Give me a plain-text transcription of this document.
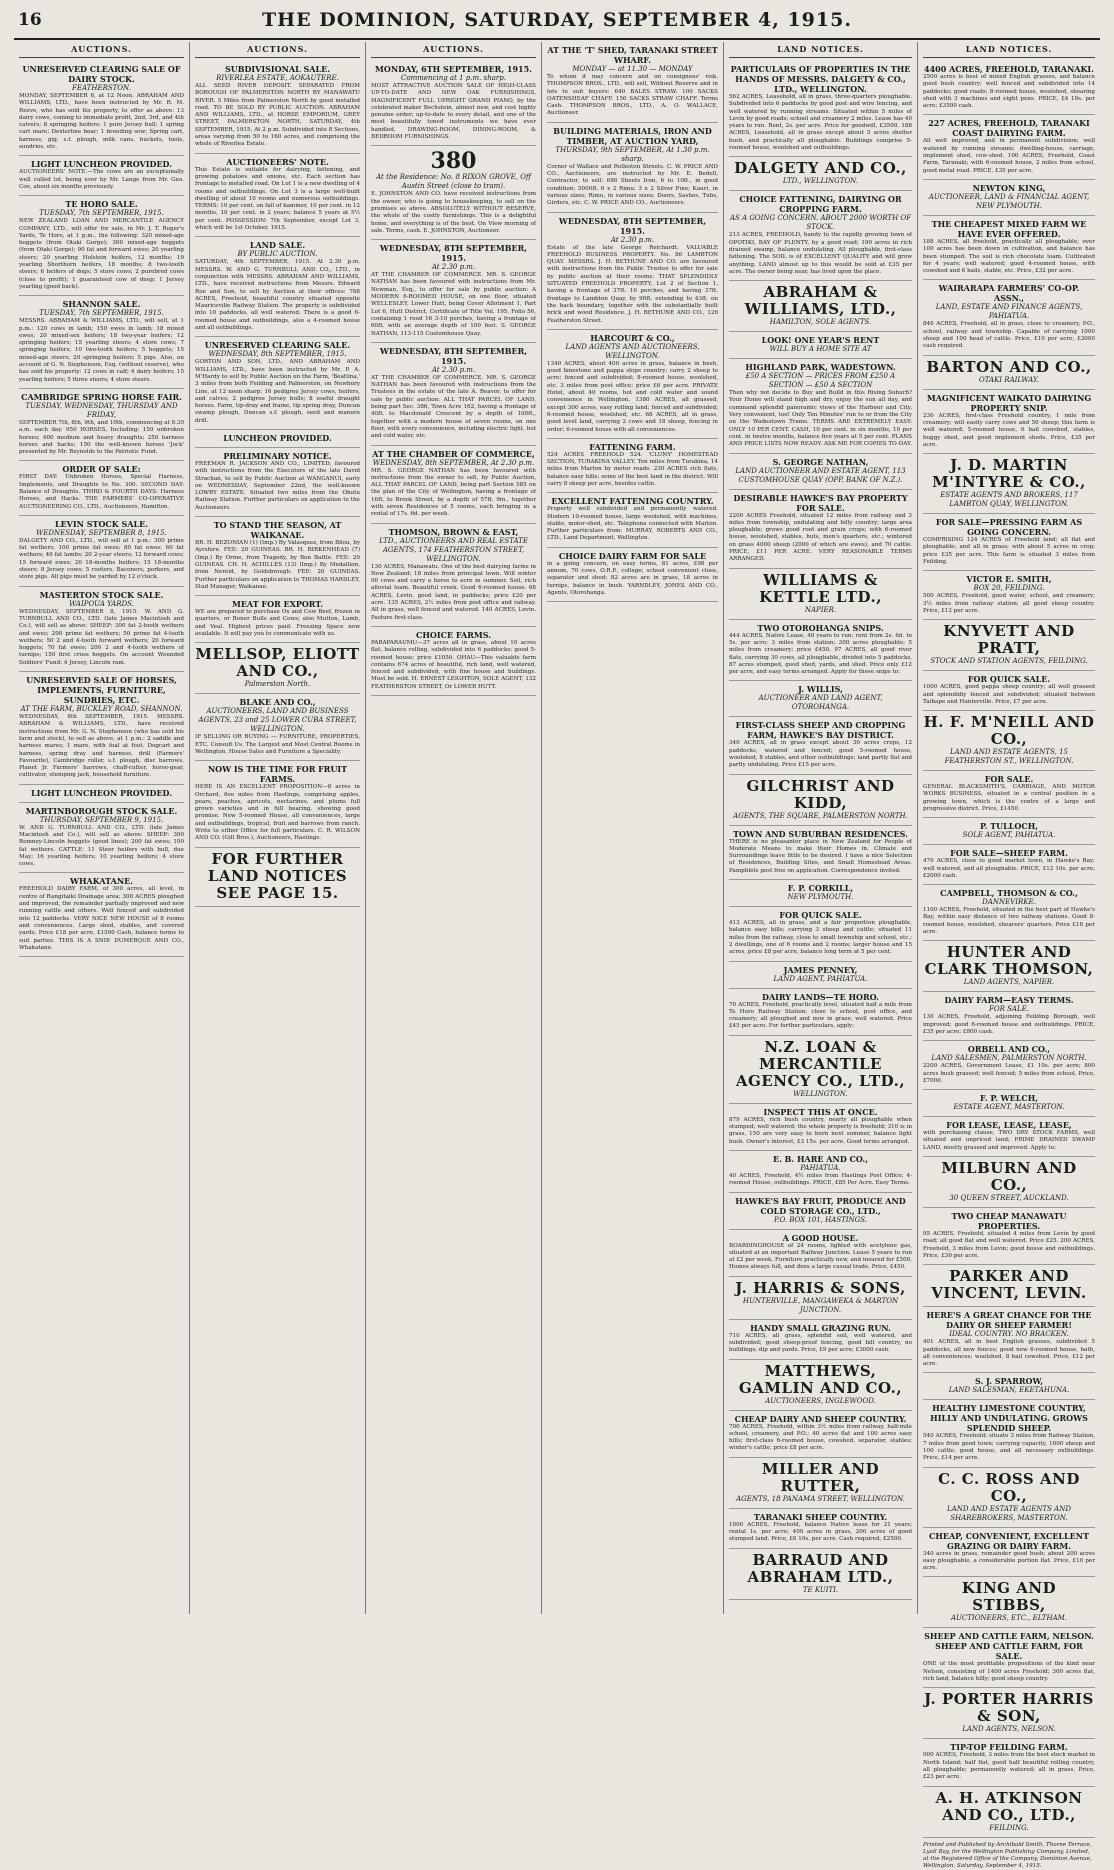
16	THE DOMINION, SATURDAY, SEPTEMBER 4, 1915.
AUCTIONS.
UNRESERVED CLEARING SALE OF DAIRY STOCK.
FEATHERSTON.
MONDAY, SEPTEMBER 6, at 12 Noon. ABRAHAM AND WILLIAMS, LTD., have been instructed by Mr. R. M. Reeve, who has sold his property, to offer as above: 13 dairy cows, coming to immediate profit, 2nd, 3rd, and 4th calvers; 8 springing heifers; 1 pure Jersey bull; 1 spring cart mare; Dexterline bear; 1 breeding sow; Spring cart, harness, gig, s.f. plough, milk cans, buckets, tools, sundries, etc.
LIGHT LUNCHEON PROVIDED.
AUCTIONEERS' NOTE.—The cows are an exceptionally well culled lot, being ever by Mr. Lange from Mr. Geo. Coe, about six months previously.
TE HORO SALE.
TUESDAY, 7th SEPTEMBER, 1915.
NEW ZEALAND LOAN AND MERCANTILE AGENCY COMPANY, LTD., will offer for sale, in Mr. J. T. Roger's Yards, Te Horo, at 1 p.m., the following: 320 mixed-age hoggets (from Otaki Gorge); 300 mixed-age hoggets (from Otaki Gorge); 90 fat and forward ewes; 20 yearling steers; 20 yearling Holstein heifers, 12 months; 19 yearling Shorthorn heifers, 18 months; 8 two-tooth steers; 6 heifers of dogs; 5 store cows; 2 purebred cows (close to profit); 1 guaranteed cow of deep; 1 Jersey yearling (good back).
SHANNON SALE.
TUESDAY, 7th SEPTEMBER, 1915.
MESSRS. ABRAHAM & WILLIAMS, LTD., will sell, at 1 p.m.: 120 cows in lamb; 150 ewes in lamb; 18 mixed ewes; 20 mixed-sex heifers; 18 two-year heifers; 12 springing heifers; 15 yearling steers; 4 store cows; 7 springing heifers; 10 two-tooth heifers; 5 hoggets; 15 mixed-age steers; 20 springing heifers; 5 pigs. Also, on account of G. N. Stephenson, Esq. (without reserve), who has sold his property: 12 cows in calf; 4 dairy heifers; 15 yearling heifers; 5 three steers; 4 store steers.
CAMBRIDGE SPRING HORSE FAIR.
TUESDAY, WEDNESDAY, THURSDAY AND FRIDAY,
SEPTEMBER 7th, 8th, 9th, and 10th, commencing at 9.30 a.m. each day. 950 HORSES, Including: 150 unbroken horses; 400 medium and heavy draughts; 250 harness horses and hacks; 150 the well-known horses 'Jock' presented by Mr. Reynolds to the Patriotic Fund.
ORDER OF SALE:
FIRST DAY: Unbroken Horses, Special Harness, Implements, and Draughts to No. 300. SECOND DAY: Balance of Draughts. THIRD & FOURTH DAYS: Harness Horses, and Hacks. THE FARMERS' CO-OPERATIVE AUCTIONEERING CO., LTD., Auctioneers, Hamilton.
LEVIN STOCK SALE.
WEDNESDAY, SEPTEMBER 8, 1915.
DALGETY AND CO., LTD., will sell at 1 p.m.: 300 prime fat wethers; 100 prime fat ewes; 80 fat ewes; 60 fat wethers; 40 fat lambs; 20 2-year steers; 12 forward cows; 15 forward ewes; 20 18-months heifers; 15 18-months steers; 8 Jersey cows; 5 rooters. Baconers, porkers, and store pigs. All pigs must be yarded by 12 o'clock.
MASTERTON STOCK SALE.
WAIPOUA YARDS.
WEDNESDAY, SEPTEMBER 8, 1915. W. AND G. TURNBULL AND CO., LTD. (late James Macintosh and Co.), will sell as above: SHEEP: 300 fat 2-tooth wethers and ewes; 200 prime fat wethers; 50 prime fat 4-tooth wethers; 50 2 and 4-tooth forward wethers; 20 forward hoggets; 70 fat ewes; 200 2 and 4-tooth wethers of turnips; 150 first cross hoggets. On account Wounded Soldiers' Fund: 4 Jersey, Lincoln ram.
UNRESERVED SALE OF HORSES, IMPLEMENTS, FURNITURE, SUNDRIES, ETC.
AT THE FARM, BUCKLEY ROAD, SHANNON.
WEDNESDAY, 8th SEPTEMBER, 1915. MESSRS. ABRAHAM & WILLIAMS, LTD., have received instructions from Mr. G. N. Stephenson (who has sold his farm and stock), to sell as above, at 1 p.m.: 2 saddle and harness mares; 1 mare, with foal at foot. Dogcart and harness, spring dray and harness, drill (Farmers' Favourite), Cambridge roller, s.f. plough, disc harrows, Planet Jr. Farmers' harrows, chaff-cutter, horse-gear, cultivator, stumping jack, household furniture.
LIGHT LUNCHEON PROVIDED.
MARTINBOROUGH STOCK SALE.
THURSDAY, SEPTEMBER 9, 1915.
W. AND G. TURNBULL AND CO., LTD. (late James Macintosh and Co.), will sell as above: SHEEP: 300 Romney-Lincoln hoggets (good lines); 200 fat ewes; 100 fat wethers. CATTLE: 11 Steer heifers with bull, due May; 16 yearling heifers; 10 yearling heifers; 4 store cows.
WHAKATANE.
FREEHOLD DAIRY FARM, of 300 acres, all level, in centre of Rangitaiki Drainage area; 300 ACRES ploughed and improved, the remainder partially improved and new running cattle and others. Well fenced and subdivided into 12 paddocks. VERY NICE NEW HOUSE of 8 rooms and conveniences. Large shed, stables, and covered yards. Price £18 per acre, £1500 Cash, balance terms to suit parties. THIS IS A SNIP. DUMERQUE AND CO., Whakatane.
AUCTIONS.
SUBDIVISIONAL SALE.
RIVERLEA ESTATE, AOKAUTERE.
ALL SEED RIVER DEPOSIT. SEPARATED FROM BOROUGH OF PALMERSTON NORTH BY MANAWATU RIVER. 5 Miles from Palmerston North by good metalled road. TO BE SOLD BY PUBLIC AUCTION. ABRAHAM AND WILLIAMS, LTD., at HORSE EMPORIUM, GREY STREET, PALMERSTON NORTH, SATURDAY, 4th SEPTEMBER, 1915, At 2 p.m. Subdivided into 8 Sections, areas varying from 50 to 160 acres, and comprising the whole of Riverlea Estate.
AUCTIONEERS' NOTE.
This Estate is suitable for dairying, fattening, and growing potatoes and onions, etc. Each section has frontage to metalled road. On Lot 1 is a new dwelling of 4 rooms and outbuildings. On Lot 3 is a large well-built dwelling of about 10 rooms and numerous outbuildings. TERMS: 10 per cent. on fall of hammer, 10 per cent. in 12 months, 10 per cent. in 2 years; balance 5 years at 5½ per cent. POSSESSION: 7th September, except Lot 3, which will be 1st October, 1915.
LAND SALE.
BY PUBLIC AUCTION.
SATURDAY, 4th SEPTEMBER, 1915. At 2.30 p.m. MESSRS. W. AND G. TURNBULL AND CO., LTD., in conjunction with MESSRS. ABRAHAM AND WILLIAMS, LTD., have received instructions from Messrs. Edward Roe and Son, to sell by Auction at their offices: 788 ACRES, Freehold, beautiful country situated opposite Mauricevilie Railway Station. The property is subdivided into 10 paddocks, all well watered. There is a good 6-roomed house and outbuildings, also a 4-roomed house and all outbuildings.
UNRESERVED CLEARING SALE.
WEDNESDAY, 8th SEPTEMBER, 1915.
GORTON AND SON, LTD., AND ABRAHAM AND WILLIAMS, LTD., have been instructed by Mr. P. A. M'Hardy to sell by Public Auction on the Farm, 'Beatlina,' 3 miles from both Feilding and Palmerston, on Newbury Line, at 12 noon sharp: 16 pedigree Jersey cows, heifers, and calves; 2 pedigree Jersey bulls; 8 useful draught horses. Farm, tip-dray and frame, tip spring dray, Duncan swamp plough, Duncan s.f. plough, seed and manure drill.
LUNCHEON PROVIDED.
PRELIMINARY NOTICE.
FREEMAN R. JACKSON AND CO., LIMITED, favoured with instructions from the Executors of the late David Strachan, to sell by Public Auction at WANGANUI, early on WEDNESDAY, September 22nd, the well-known LOWRY ESTATE. Situated two miles from the Ohutu Railway Station. Further particulars on application to the Auctioneers.
TO STAND THE SEASON, AT WAIKANAE.
BR. H. BEZONIAN (1) (Imp.) By Valasquez, from Bilou, by Ayrshire. FEE: 20 GUINEAS. BR. H. BIRKENHEAD (7) (Imp.) By Orme, from Tragedy, by Ben Battle. FEE: 20 GUINEAS. CH. H. ACHILLES (13) (Imp.) By Medallion, from Nereid, by Goldsbrough. FEE: 20 GUINEAS. Further particulars on application to THOMAS HARDLEY, Stud Manager, Waikanae.
MEAT FOR EXPORT.
WE are prepared to purchase Ox and Cow Beef, frozen in quarters, or Boner Bulls and Cows; also Mutton, Lamb, and Veal. Highest prices paid. Freezing Space now available. It will pay you to communicate with us.
MELLSOP, ELIOTT AND CO.,
Palmerston North.
BLAKE AND CO.,
AUCTIONEERS, LAND AND BUSINESS AGENTS, 23 and 25 LOWER CUBA STREET, WELLINGTON.
IF SELLING OR BUYING — FURNITURE, PROPERTIES, ETC. Consult Us. The Largest and Most Central Rooms in Wellington. House Sales and Furniture a Speciality.
NOW IS THE TIME FOR FRUIT FARMS.
HERE IS AN EXCELLENT PROPOSITION—8 acres in Orchard, five miles from Hastings, comprising apples, pears, peaches, apricots, nectarines, and plums full grown varieties and in full bearing, showing good promise. New 5-roomed House, all conveniences, large and outbuildings, tropical, fruit and barrows from ranch. Write to either Office for full particulars. C. R. WILSON AND CO. (Gill Bros.), Auctioneers, Hastings.
FOR FURTHER LAND NOTICES SEE PAGE 15.
AUCTIONS.
MONDAY, 6TH SEPTEMBER, 1915.
Commencing at 1 p.m. sharp.
MOST ATTRACTIVE AUCTION SALE OF HIGH-CLASS UP-TO-DATE AND NEW OAK FURNISHINGS, MAGNIFICENT FULL UPRIGHT GRAND PIANO, by the celebrated maker Bechstein, almost new, and cost highly genuine order; up-to-date to every detail, and one of the most beautifully toned instruments we have ever handled. DRAWING-ROOM, DINING-ROOM, & BEDROOM FURNISHINGS.
380
At the Residence: No. 8 RIXON GROVE, Off Austin Street (close to tram).
E. JOHNSTON AND CO. have received instructions from the owner, who is going to housekeeping, to sell on the premises as above. ABSOLUTELY WITHOUT RESERVE, the whole of the costly furnishings. This is a delightful home, and everything is of the best. On View morning of sale. Terms, cash. E. JOHNSTON, Auctioneer.
WEDNESDAY, 8TH SEPTEMBER, 1915.
At 2.30 p.m.
AT THE CHAMBER OF COMMERCE. MR. S. GEORGE NATHAN has been favoured with instructions from Mr. Newman, Esq., to offer for sale by public auction: A MODERN 6-ROOMED HOUSE, on one floor, situated WELLESLEY, Lower Hutt, being Cover Allotment 1, Part Lot 6, Hutt District, Certificate of Title Vol. 195, Folio 56, containing 1 rood 16 3-10 perches, having a frontage of 60ft. with an average depth of 100 feet. S. GEORGE NATHAN, 113-115 Customhouse Quay.
WEDNESDAY, 8TH SEPTEMBER, 1915.
At 2.30 p.m.
AT THE CHAMBER OF COMMERCE. MR. S. GEORGE NATHAN has been favoured with instructions from the Trustees in the estate of the late A. Beavor, to offer for sale by public auction: ALL THAT PARCEL OF LAND, being part Sec. 386, Town Acre 162, having a frontage of 40ft. to Macdonald Crescent by a depth of 100ft., together with a modern house of seven rooms, on one floor, with every convenience, including electric light, hot and cold water, etc.
AT THE CHAMBER OF COMMERCE,
WEDNESDAY, 8th SEPTEMBER, At 2.30 p.m.
MR. S. GEORGE NATHAN has been favoured with instructions from the owner to sell, by Public Auction, ALL THAT PARCEL OF LAND, being part Section 585 on the plan of the City of Wellington, having a frontage of 16ft. to Brook Street, by a depth of 57ft. 9in., together with seven Residences of 5 rooms, each bringing in a rental of 17s. 6d. per week.
THOMSON, BROWN & EAST,
LTD., AUCTIONEERS AND REAL ESTATE AGENTS, 174 FEATHERSTON STREET, WELLINGTON.
130 ACRES, Manawatu. One of the best dairying farms in New Zealand; 18 miles from principal town. Will winter 90 cows and carry a horse to acre in summer. Soil, rich alluvial loam. Beautiful creek. Good 6-roomed house. 68 ACRES, Levin, good land, in paddocks; price £20 per acre. 135 ACRES, 2½ miles from post office and railway. All in grass, well fenced and watered. 140 ACRES, Levin. Pasture first-class.
CHOICE FARMS.
PARAPARAUMU—37 acres all in grass, about 10 acres flat, balance rolling, subdivided into 6 paddocks; good 5-roomed house; price £1050. OHAU—This valuable farm contains 674 acres of beautiful, rich land, well watered, fenced and subdivided, with fine house and buildings. Must be sold. H. ERNEST LEIGHTON, SOLE AGENT, 132 FEATHERSTON STREET, Or LOWER HUTT.
AT THE 'T' SHED, TARANAKI STREET WHARF.
MONDAY — at 11.30 — MONDAY
To whom it may concern and on consignees' risk. THOMPSON BROS., LTD., will sell, Without Reserve and in lots to suit buyers: 640 BALES STRAW. 100 SACKS OATENSHEAF CHAFF. 150 SACKS STRAW CHAFF. Terms Cash. THOMPSON BROS., LTD., A. O. WALLACE, Auctioneer.
BUILDING MATERIALS, IRON AND TIMBER, AT AUCTION YARD,
THURSDAY, 9th SEPTEMBER, At 1.30 p.m. sharp.
Corner of Wallace and Rolleston Streets. C. W. PRICE AND CO., Auctioneers, are instructed by Mr. E. Bedell, Contractor, to sell: 686 Sheets Iron, 6 to 10ft., in good condition; 5000ft. 6 x 2 Rimu; 3 x 2 Silver Pine; Kauri, in various sizes; Rimu, in various sizes; Doors, Sashes, Tubs, Girders, etc. C. W. PRICE AND CO., Auctioneers.
WEDNESDAY, 8TH SEPTEMBER, 1915.
At 2.30 p.m.
Estate of the late George Reichardt. VALUABLE FREEHOLD BUSINESS PROPERTY. No. 86 LAMBTON QUAY. MESSRS. J. H. BETHUNE AND CO. are favoured with instructions from the Public Trustee to offer for sale by public auction at their rooms: THAT SPLENDIDLY SITUATED FREEHOLD PROPERTY, Lot 2 of Section 1, having a frontage of 37ft. 10 perches, and having 37ft. frontage to Lambton Quay, by 90ft. extending to 43ft. on the back boundary, together with the substantially built brick and wood Residence. J. H. BETHUNE AND CO., 126 Featherston Street.
HARCOURT & CO.,
LAND AGENTS AND AUCTIONEERS, WELLINGTON.
1340 ACRES, about 400 acres in grass, balance in bush, good limestone and pappa slope country; carry 2 sheep to acre; fenced and subdivided; 8-roomed house, woolshed, etc. 3 miles from post office; price £6 per acre. PRIVATE Hotel, about 40 rooms, hot and cold water and sound convenience in Wellington. 1380 ACRES, all grassed, except 300 acres, easy rolling land; fenced and subdivided; 6-roomed house, woolshed, etc. 68 ACRES, all in grass, good level land, carrying 2 cows and 18 sheep, fencing in order; 6-roomed house with all conveniences.
FATTENING FARM.
524 ACRES FREEHOLD 524. 'CLUNY' HOMESTEAD SECTION, TURAKINA VALLEY. Ten miles from Turakina, 14 miles from Marton by motor roads. 230 ACRES rich flats, balance easy hills; some of the best land in the district. Will carry 8 sheep per acre, besides cattle.
EXCELLENT FATTENING COUNTRY.
Property well subdivided and permanently watered. Modern 10-roomed house, large woolshed, with machines, stable, motor-shed, etc. Telephone connected with Marton. Further particulars from: MURRAY, ROBERTS AND CO., LTD., Land Department, Wellington.
CHOICE DAIRY FARM FOR SALE
in a going concern, on easy terms, 81 acres, £98 per annum, 70 cows, O.R.P., college; school convenient close, separator and shed; 82 acres are in grass, 18 acres in turnips, balance in bush. YARNDLEY, JONES AND CO., Agents, Otorohanga.
LAND NOTICES.
PARTICULARS OF PROPERTIES IN THE HANDS OF MESSRS. DALGETY & CO., LTD., WELLINGTON.
562 ACRES, Leasehold, all in grass, three-quarters ploughable. Subdivided into 6 paddocks by good post and wire fencing, and well watered by running streams. Situated within 5 miles of Levin by good roads; school and creamery 2 miles. Lease has 40 years to run. Rent, 2s. per acre. Price for goodwill, £3500. 188 ACRES, Leasehold, all in grass except about 5 acres shelter bush, and practically all ploughable. Buildings comprise 5-roomed house, woolshed and outbuildings.
DALGETY AND CO.,
LTD., WELLINGTON.
CHOICE FATTENING, DAIRYING OR CROPPING FARM.
AS A GOING CONCERN. ABOUT 2000 WORTH OF STOCK.
213 ACRES, FREEHOLD, handy to the rapidly growing town of OPOTIKI, BAY OF PLENTY, by a good road; 190 acres in rich drained swamp, balance undulating. All ploughable, first-class fattening. The SOIL is of EXCELLENT QUALITY and will grow anything. LAND almost up to this would be sold at £35 per acre. The owner being near, has lived upon the place.
ABRAHAM & WILLIAMS, LTD.,
HAMILTON, SOLE AGENTS.
LOOK! ONE YEAR'S RENT
WILL BUY A HOME SITE AT
HIGHLAND PARK, WADESTOWN.
£50 A SECTION — PRICES FROM £250 A SECTION — £50 A SECTION
Then why not decide to Buy and Build in this Rising Suburb? Your Home will stand high and dry, enjoy the sun all day, and command splendid panoramic views of the Harbour and City. Very convenient, too! Only Ten Minutes' run to or from the City on the Wadestown Trams. TERMS ARE EXTREMELY EASY: ONLY 10 PER CENT. CASH, 10 per cent. in six months, 10 per cent. in twelve months, balance five years at 5 per cent. PLANS AND PRICE LISTS NOW READY. ASK ME FOR COPIES TO-DAY.
S. GEORGE NATHAN,
LAND AUCTIONEER AND ESTATE AGENT, 113 CUSTOMHOUSE QUAY (OPP. BANK OF N.Z.).
DESIRABLE HAWKE'S BAY PROPERTY FOR SALE.
2200 ACRES Freehold, situated 12 miles from railway and 3 miles from township, undulating and hilly country; large area ploughable; grows good root and grain crops; with 6-roomed house, woolshed, stables, huts, men's quarters, etc.; wintered on grass 4000 sheep (2000 of which are ewes), and 70 cattle. PRICE, £11 PER ACRE. VERY REASONABLE TERMS ARRANGED.
WILLIAMS & KETTLE LTD.,
NAPIER.
TWO OTOROHANGA SNIPS.
444 ACRES, Native Lease, 40 years to run; rent from 2s. 6d. to 5s. per acre; 3 miles from station; 300 acres ploughable; 5 miles from creamery; price £450. 97 ACRES, all good river flats, carrying 30 cows, all ploughable, divided into 5 paddocks, 87 acres stumped, good shed, yards, and shed. Price only £12 per acre, and easy terms arranged. Apply for these snips to:
J. WILLIS,
AUCTIONEER AND LAND AGENT, OTOROHANGA.
FIRST-CLASS SHEEP AND CROPPING FARM, HAWKE'S BAY DISTRICT.
340 ACRES, all in grass except about 30 acres crops, 12 paddocks, watered and fenced; good 5-roomed house, woolshed, 8 stables, and other outbuildings; land partly flat and partly undulating. Price £15 per acre.
GILCHRIST AND KIDD,
AGENTS, THE SQUARE, PALMERSTON NORTH.
TOWN AND SUBURBAN RESIDENCES.
THERE is no pleasanter place in New Zealand for People of Moderate Means to make their Homes in. Climate and Surroundings leave little to be desired. I have a nice Selection of Residences, Building Sites, and Small Homestead Areas. Pamphlets post free on application. Correspondence invited.
F. P. CORKILL,
NEW PLYMOUTH.
FOR QUICK SALE.
413 ACRES, all in grass, and a fair proportion ploughable, balance easy hills; carrying 3 sheep and cattle; situated 11 miles from the railway, close to small township and school, etc.; 2 dwellings, one of 6 rooms and 2 rooms; larger house and 15 acres, price £8 per acre, balance long term at 5 per cent.
JAMES PENNEY,
LAND AGENT, PAHIATUA.
DAIRY LANDS—TE HORO.
70 ACRES, Freehold, practically level, situated half a mile from Te Horo Railway Station; close to school, post office, and creamery; all ploughed and now in grass; well watered. Price £45 per acre. For further particulars, apply:
N.Z. LOAN & MERCANTILE AGENCY CO., LTD.,
WELLINGTON.
INSPECT THIS AT ONCE.
879 ACRES, rich bush country, nearly all ploughable when stumped; well watered; the whole property is freehold; 310 is in grass, 150 are very easy to burn next summer, balance light bush. Owner's interest, £3 15s. per acre. Good terms arranged.
E. B. HARE AND CO.,
PAHIATUA.
40 ACRES, Freehold, 4½ miles from Hastings Post Office; 4-roomed House, outbuildings. PRICE, £85 Per Acre. Easy Terms.
HAWKE'S BAY FRUIT, PRODUCE AND COLD STORAGE CO., LTD.,
P.O. BOX 101, HASTINGS.
A GOOD HOUSE.
BOARDINGHOUSE of 24 rooms, lighted with acetylene gas, situated at an important Railway Junction. Lease 5 years to run at £2 per week. Furniture practically new, and insured for £500. Homes always full, and does a large casual trade. Price, £450.
J. HARRIS & SONS,
HUNTERVILLE, MANGAWEKA & MARTON JUNCTION.
HANDY SMALL GRAZING RUN.
710 ACRES, all grass, splendid soil, well watered, and subdivided; good sheep-proof fencing, good hill country, no buildings; dip and yards. Price, £9 per acre; £3000 cash.
MATTHEWS, GAMLIN AND CO.,
AUCTIONEERS, INGLEWOOD.
CHEAP DAIRY AND SHEEP COUNTRY.
700 ACRES, Freehold, within 3½ miles from railway, half-mile school, creamery, and P.O.; 40 acres flat and 100 acres easy hills; first-class 6-roomed house, cowshed, separator, stables; winter's cattle; price £8 per acre.
MILLER AND RUTTER,
AGENTS, 18 PANAMA STREET, WELLINGTON.
TARANAKI SHEEP COUNTRY.
1000 ACRES, Freehold, balance Native lease for 21 years; rental 1s. per acre; 400 acres in grass, 200 acres of good stumped land. Price, £6 10s. per acre. Cash required, £2500.
BARRAUD AND ABRAHAM LTD.,
TE KUITI.
LAND NOTICES.
4400 ACRES, FREEHOLD, TARANAKI.
2500 acres is best of mixed English grasses, and balance good bush country; well fenced and subdivided into 14 paddocks; good roads; 8-roomed house, woolshed, shearing shed with 3 machines and eight pens. PRICE, £4 10s. per acre; £3500 cash.
227 ACRES, FREEHOLD, TARANAKI COAST DAIRYING FARM.
All well improved, and in permanent subdivision; well watered by running streams; dwelling-house, carriage, implement shed, cow-shed. 100 ACRES, Freehold, Coast Farm, Taranaki; with 6-roomed house, 2 miles from school, good metal road. PRICE, £35 per acre.
NEWTON KING,
AUCTIONEER, LAND & FINANCIAL AGENT, NEW PLYMOUTH.
THE CHEAPEST MIXED FARM WE HAVE EVER OFFERED.
188 ACRES, all freehold, practically all ploughable; over 100 acres has been down in cultivation, and balance has been stumped. The soil is rich chocolate loam. Cultivated for 4 years; well watered; good 4-roomed house, with cowshed and 6 bails, stable, etc. Price, £32 per acre.
WAIRARAPA FARMERS' CO-OP. ASSN.,
LAND, ESTATE AND FINANCE AGENTS, PAHIATUA.
846 ACRES, Freehold, all in grass, close to creamery, P.O., school, railway and township. Capable of carrying 1000 sheep and 100 head of cattle. Price, £10 per acre; £3000 cash required.
BARTON AND CO.,
OTAKI RAILWAY.
MAGNIFICENT WAIKATO DAIRYING PROPERTY SNIP.
230 ACRES, first-class Freehold country, 1 mile from creamery; will easily carry cows and 50 sheep; this farm is well watered; 5-roomed house, 6 bail cowshed, stables, buggy shed, and good implement sheds. Price, £35 per acre.
J. D. MARTIN M'INTYRE & CO.,
ESTATE AGENTS AND BROKERS, 117 LAMBTON QUAY, WELLINGTON.
FOR SALE—PRESSING FARM AS GOING CONCERN.
COMPRISING 124 ACRES of Freehold land; all flat and ploughable; and all in grass; with about 5 acres in crop; price £35 per acre. This farm is situated 3 miles from Feilding.
VICTOR E. SMITH,
BOX 20, FEILDING.
500 ACRES, Freehold, good water, school, and creamery; 3½ miles from railway station; all good sheep country. Price, £12 per acre.
KNYVETT AND PRATT,
STOCK AND STATION AGENTS, FEILDING.
FOR QUICK SALE.
1000 ACRES, good pappa sheep country; all well grassed and splendidly fenced and subdivided; situated between Taihape and Hunterville. Price, £7 per acre.
H. F. M'NEILL AND CO.,
LAND AND ESTATE AGENTS, 15 FEATHERSTON ST., WELLINGTON.
FOR SALE.
GENERAL BLACKSMITH'S, CARRIAGE, AND MOTOR WORKS BUSINESS, situated in a central position in a growing town, which is the centre of a large and progressive district. Price, £1450.
P. TULLOCH,
SOLE AGENT, PAHIATUA.
FOR SALE—SHEEP FARM.
470 ACRES, close to good market town, in Hawke's Bay; well watered, and all ploughable. PRICE, £12 10s. per acre; £2000 cash.
CAMPBELL, THOMSON & CO.,
DANNEVIRKE.
1100 ACRES, Freehold, situated in the best part of Hawke's Bay, within easy distance of two railway stations. Good 8-roomed house, woolshed, shearers' quarters. Price £18 per acre.
HUNTER AND CLARK THOMSON,
LAND AGENTS, NAPIER.
DAIRY FARM—EASY TERMS.
FOR SALE.
130 ACRES, Freehold, adjoining Feilding Borough, well improved; good 6-roomed house and outbuildings. PRICE, £35 per acre; £800 cash.
ORBELL AND CO.,
LAND SALESMEN, PALMERSTON NORTH.
2200 ACRES, Government Lease, £1 10s. per acre; 800 acres bush grassed; well fenced; 5 miles from school. Price, £7000.
F. P. WELCH,
ESTATE AGENT, MASTERTON.
FOR LEASE, LEASE, LEASE,
with purchasing clause, TWO DRY STOCK FARMS, well situated and unpriced land; PRIME DRAINED SWAMP LAND, mostly grassed and improved. Apply to:
MILBURN AND CO.,
30 QUEEN STREET, AUCKLAND.
TWO CHEAP MANAWATU PROPERTIES.
95 ACRES, Freehold, situated 4 miles from Levin by good road; all good flat and well watered. Price £25. 200 ACRES, Freehold, 3 miles from Levin; good house and outbuildings. Price, £30 per acre.
PARKER AND VINCENT, LEVIN.
HERE'S A GREAT CHANCE FOR THE DAIRY OR SHEEP FARMER!
IDEAL COUNTRY. NO BRACKEN.
401 ACRES, all in best English grasses, subdivided 5 paddocks, all new fences; good new 6-roomed house, bath, all conveniences; woolshed, 8 bail cowshed. Price, £12 per acre.
S. J. SPARROW,
LAND SALESMAN, EKETAHUNA.
HEALTHY LIMESTONE COUNTRY, HILLY AND UNDULATING. GROWS SPLENDID SHEEP.
540 ACRES, Freehold; situate 3 miles from Railway Station, 7 miles from good town; carrying capacity, 1000 sheep and 100 cattle; good house, and all necessary outbuildings. Price, £14 per acre.
C. C. ROSS AND CO.,
LAND AND ESTATE AGENTS AND SHAREBROKERS, MASTERTON.
CHEAP, CONVENIENT, EXCELLENT GRAZING OR DAIRY FARM.
340 acres in grass, remainder good bush; about 200 acres easy ploughable, a considerable portion flat. Price, £10 per acre.
KING AND STIBBS,
AUCTIONEERS, ETC., ELTHAM.
SHEEP AND CATTLE FARM, NELSON. SHEEP AND CATTLE FARM, FOR SALE.
ONE of the most profitable propositions of the kind near Nelson, consisting of 1400 acres Freehold; 300 acres flat, rich land, balance hilly; good sheep country.
J. PORTER HARRIS & SON,
LAND AGENTS, NELSON.
TIP-TOP FEILDING FARM.
900 ACRES, Freehold, 3 miles from the best stock market in North Island; half flat, good half beautiful rolling country, all ploughable; permanently watered; all in grass. Price, £23 per acre.
A. H. ATKINSON AND CO., LTD.,
FEILDING.
Printed and Published by Archibald Smith, Thorne Terrace, Lyall Bay, for the Wellington Publishing Company, Limited, at the Registered Office of the Company, Dominion Avenue, Wellington, Saturday, September 4, 1915.
